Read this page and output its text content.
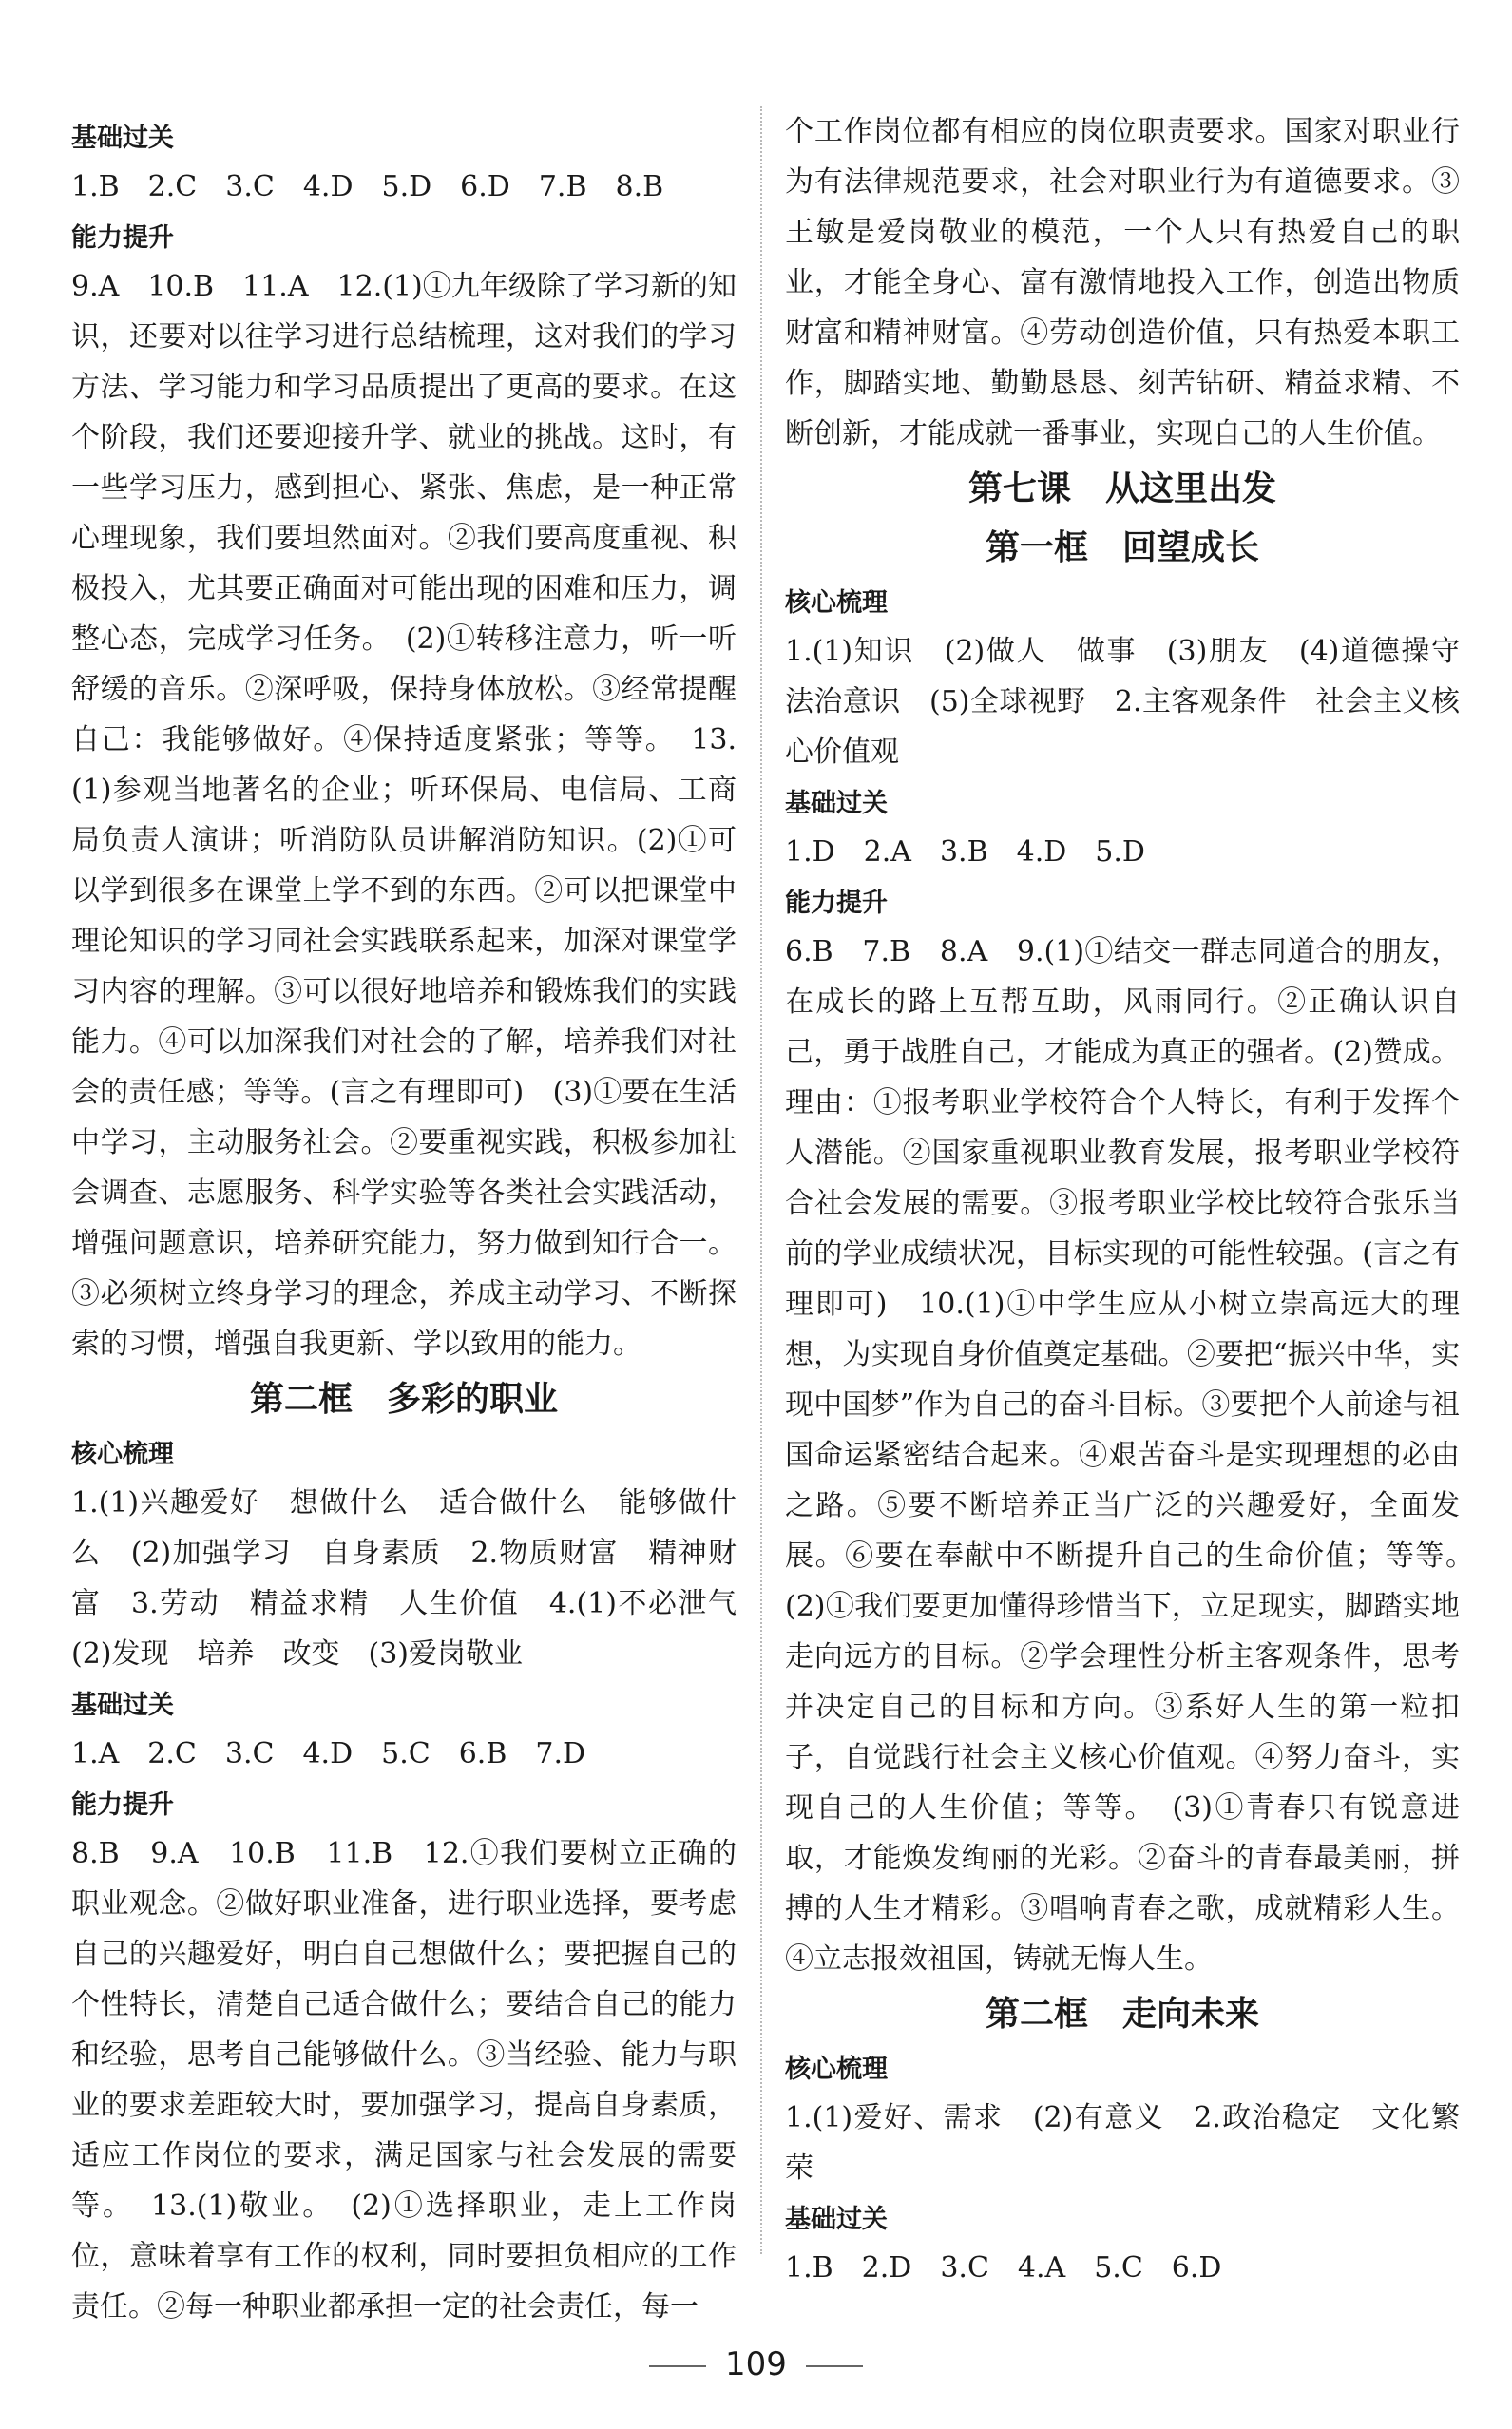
基础过关

1.B　2.C　3.C　4.D　5.D　6.D　7.B　8.B

能力提升

9.A　10.B　11.A　12.(1)①九年级除了学习新的知识，还要对以往学习进行总结梳理，这对我们的学习方法、学习能力和学习品质提出了更高的要求。在这个阶段，我们还要迎接升学、就业的挑战。这时，有一些学习压力，感到担心、紧张、焦虑，是一种正常心理现象，我们要坦然面对。②我们要高度重视、积极投入，尤其要正确面对可能出现的困难和压力，调整心态，完成学习任务。　(2)①转移注意力，听一听舒缓的音乐。②深呼吸，保持身体放松。③经常提醒自己：我能够做好。④保持适度紧张；等等。　13.(1)参观当地著名的企业；听环保局、电信局、工商局负责人演讲；听消防队员讲解消防知识。(2)①可以学到很多在课堂上学不到的东西。②可以把课堂中理论知识的学习同社会实践联系起来，加深对课堂学习内容的理解。③可以很好地培养和锻炼我们的实践能力。④可以加深我们对社会的了解，培养我们对社会的责任感；等等。(言之有理即可)　(3)①要在生活中学习，主动服务社会。②要重视实践，积极参加社会调查、志愿服务、科学实验等各类社会实践活动，增强问题意识，培养研究能力，努力做到知行合一。③必须树立终身学习的理念，养成主动学习、不断探索的习惯，增强自我更新、学以致用的能力。

第二框　多彩的职业
核心梳理

1.(1)兴趣爱好　想做什么　适合做什么　能够做什么　(2)加强学习　自身素质　2.物质财富　精神财富　3.劳动　精益求精　人生价值　4.(1)不必泄气　(2)发现　培养　改变　(3)爱岗敬业

基础过关

1.A　2.C　3.C　4.D　5.C　6.B　7.D

能力提升

8.B　9.A　10.B　11.B　12.①我们要树立正确的职业观念。②做好职业准备，进行职业选择，要考虑自己的兴趣爱好，明白自己想做什么；要把握自己的个性特长，清楚自己适合做什么；要结合自己的能力和经验，思考自己能够做什么。③当经验、能力与职业的要求差距较大时，要加强学习，提高自身素质，适应工作岗位的要求，满足国家与社会发展的需要等。　13.(1)敬业。　(2)①选择职业，走上工作岗位，意味着享有工作的权利，同时要担负相应的工作责任。②每一种职业都承担一定的社会责任，每一

个工作岗位都有相应的岗位职责要求。国家对职业行为有法律规范要求，社会对职业行为有道德要求。③王敏是爱岗敬业的模范，一个人只有热爱自己的职业，才能全身心、富有激情地投入工作，创造出物质财富和精神财富。④劳动创造价值，只有热爱本职工作，脚踏实地、勤勤恳恳、刻苦钻研、精益求精、不断创新，才能成就一番事业，实现自己的人生价值。

第七课　从这里出发
第一框　回望成长
核心梳理

1.(1)知识　(2)做人　做事　(3)朋友　(4)道德操守　法治意识　(5)全球视野　2.主客观条件　社会主义核心价值观

基础过关

1.D　2.A　3.B　4.D　5.D

能力提升

6.B　7.B　8.A　9.(1)①结交一群志同道合的朋友，在成长的路上互帮互助，风雨同行。②正确认识自己，勇于战胜自己，才能成为真正的强者。(2)赞成。理由：①报考职业学校符合个人特长，有利于发挥个人潜能。②国家重视职业教育发展，报考职业学校符合社会发展的需要。③报考职业学校比较符合张乐当前的学业成绩状况，目标实现的可能性较强。(言之有理即可)　10.(1)①中学生应从小树立崇高远大的理想，为实现自身价值奠定基础。②要把“振兴中华，实现中国梦”作为自己的奋斗目标。③要把个人前途与祖国命运紧密结合起来。④艰苦奋斗是实现理想的必由之路。⑤要不断培养正当广泛的兴趣爱好，全面发展。⑥要在奉献中不断提升自己的生命价值；等等。　(2)①我们要更加懂得珍惜当下，立足现实，脚踏实地走向远方的目标。②学会理性分析主客观条件，思考并决定自己的目标和方向。③系好人生的第一粒扣子，自觉践行社会主义核心价值观。④努力奋斗，实现自己的人生价值；等等。　(3)①青春只有锐意进取，才能焕发绚丽的光彩。②奋斗的青春最美丽，拼搏的人生才精彩。③唱响青春之歌，成就精彩人生。④立志报效祖国，铸就无悔人生。

第二框　走向未来
核心梳理

1.(1)爱好、需求　(2)有意义　2.政治稳定　文化繁荣

基础过关

1.B　2.D　3.C　4.A　5.C　6.D

109
